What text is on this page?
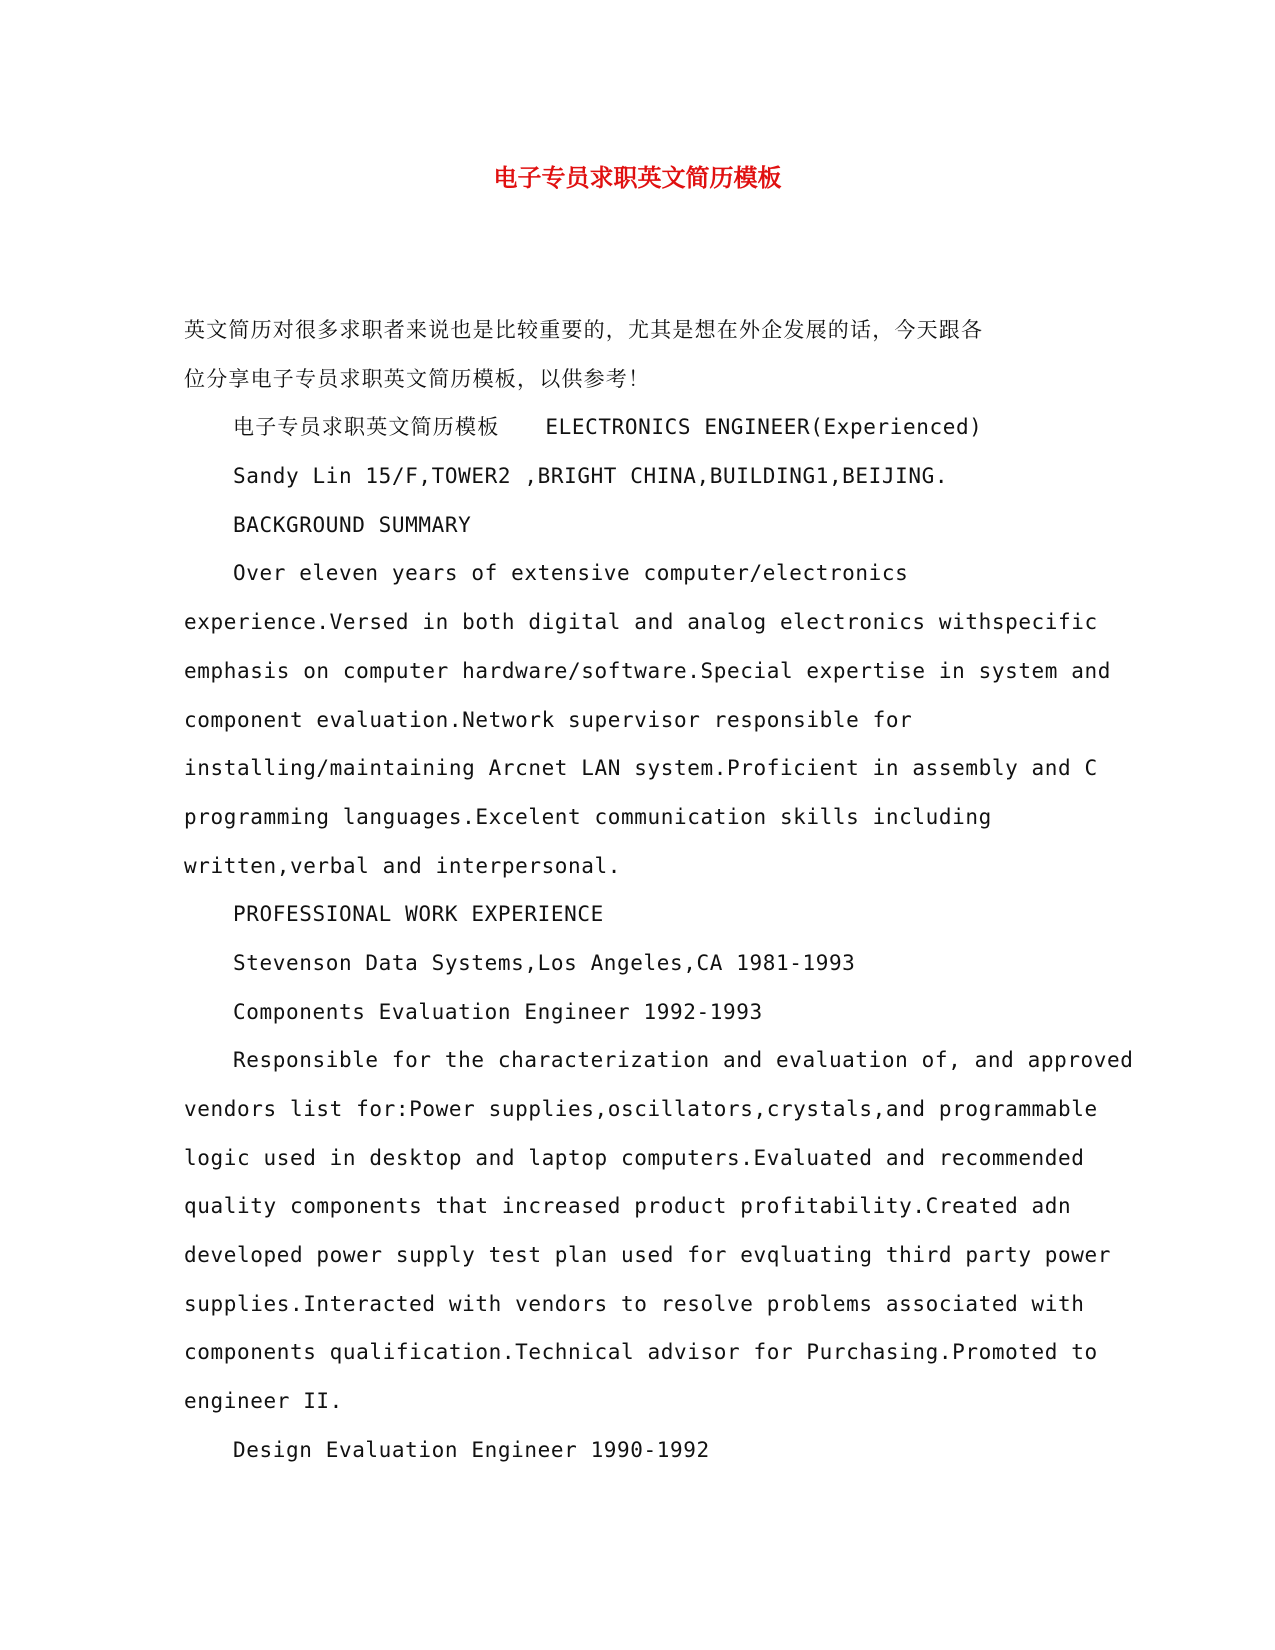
电子专员求职英文简历模板
英文简历对很多求职者来说也是比较重要的，尤其是想在外企发展的话，今天跟各
位分享电子专员求职英文简历模板，以供参考！
电子专员求职英文简历模板 ELECTRONICS ENGINEER(Experienced)
Sandy Lin 15/F,TOWER2 ,BRIGHT CHINA,BUILDING1,BEIJING.
BACKGROUND SUMMARY
Over eleven years of extensive computer/electronics
experience.Versed in both digital and analog electronics withspecific
emphasis on computer hardware/software.Special expertise in system and
component evaluation.Network supervisor responsible for
installing/maintaining Arcnet LAN system.Proficient in assembly and C
programming languages.Excelent communication skills including
written,verbal and interpersonal.
PROFESSIONAL WORK EXPERIENCE
Stevenson Data Systems,Los Angeles,CA 1981-1993
Components Evaluation Engineer 1992-1993
Responsible for the characterization and evaluation of, and approved
vendors list for:Power supplies,oscillators,crystals,and programmable
logic used in desktop and laptop computers.Evaluated and recommended
quality components that increased product profitability.Created adn
developed power supply test plan used for evqluating third party power
supplies.Interacted with vendors to resolve problems associated with
components qualification.Technical advisor for Purchasing.Promoted to
engineer II.
Design Evaluation Engineer 1990-1992
